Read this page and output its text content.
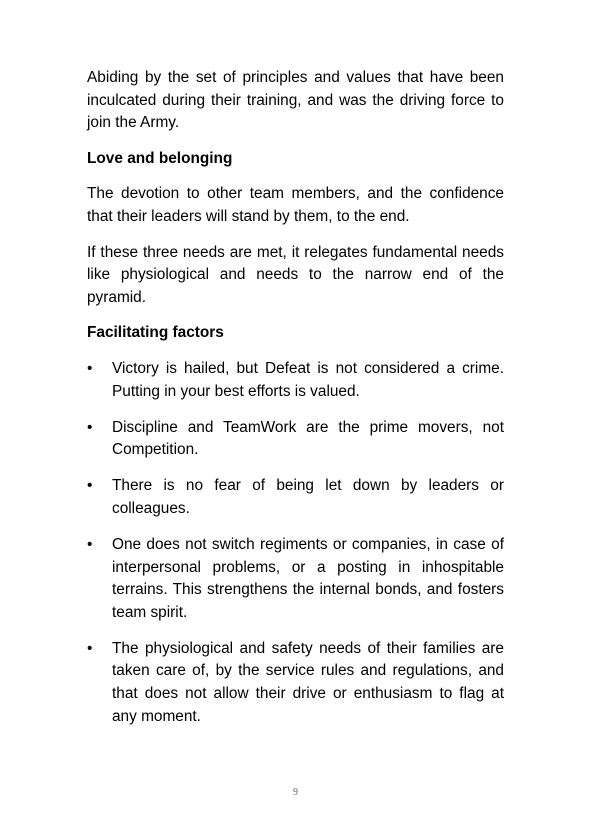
Abiding by the set of principles and values that have been inculcated during their training, and was the driving force to join the Army.

Love and belonging

The devotion to other team members, and the confidence that their leaders will stand by them, to the end.

If these three needs are met, it relegates fundamental needs like physiological and needs to the narrow end of the pyramid.

Facilitating factors
• Victory is hailed, but Defeat is not considered a crime. Putting in your best efforts is valued.
• Discipline and TeamWork are the prime movers, not Competition.
• There is no fear of being let down by leaders or colleagues.
• One does not switch regiments or companies, in case of interpersonal problems, or a posting in inhospitable terrains. This strengthens the internal bonds, and fosters team spirit.
• The physiological and safety needs of their families are taken care of, by the service rules and regulations, and that does not allow their drive or enthusiasm to flag at any moment.
9
